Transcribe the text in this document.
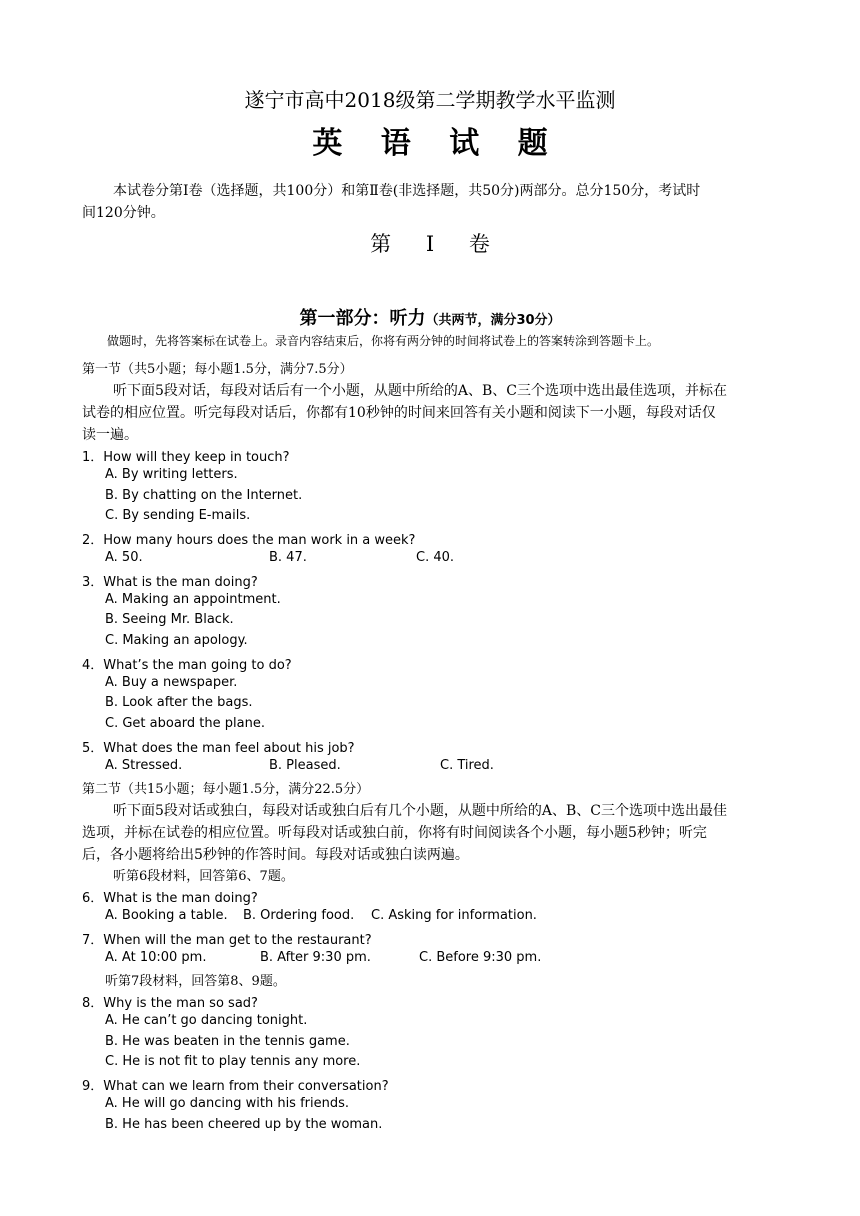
遂宁市高中2018级第二学期教学水平监测
英 语 试 题
本试卷分第Ⅰ卷（选择题，共100分）和第Ⅱ卷(非选择题，共50分)两部分。总分150分，考试时
间120分钟。
第 Ⅰ 卷
第一部分：听力（共两节，满分30分）
做题时，先将答案标在试卷上。录音内容结束后，你将有两分钟的时间将试卷上的答案转涂到答题卡上。
第一节（共5小题；每小题1.5分，满分7.5分）
听下面5段对话，每段对话后有一个小题，从题中所给的A、B、C三个选项中选出最佳选项，并标在
试卷的相应位置。听完每段对话后，你都有10秒钟的时间来回答有关小题和阅读下一小题，每段对话仅
读一遍。
1．How will they keep in touch?
A. By writing letters.
B. By chatting on the Internet.
C. By sending E-mails.
2．How many hours does the man work in a week?
A. 50.	B. 47.	C. 40.
3．What is the man doing?
A. Making an appointment.
B. Seeing Mr. Black.
C. Making an apology.
4．What’s the man going to do?
A. Buy a newspaper.
B. Look after the bags.
C. Get aboard the plane.
5．What does the man feel about his job?
A. Stressed.	B. Pleased.	C. Tired.
第二节（共15小题；每小题1.5分，满分22.5分）
听下面5段对话或独白，每段对话或独白后有几个小题，从题中所给的A、B、C三个选项中选出最佳
选项，并标在试卷的相应位置。听每段对话或独白前，你将有时间阅读各个小题，每小题5秒钟；听完
后，各小题将给出5秒钟的作答时间。每段对话或独白读两遍。
听第6段材料，回答第6、7题。
6．What is the man doing?
A. Booking a table. B. Ordering food. C. Asking for information.
7．When will the man get to the restaurant?
A. At 10:00 pm.	B. After 9:30 pm.	C. Before 9:30 pm.
听第7段材料，回答第8、9题。
8．Why is the man so sad?
A. He can’t go dancing tonight.
B. He was beaten in the tennis game.
C. He is not fit to play tennis any more.
9．What can we learn from their conversation?
A. He will go dancing with his friends.
B. He has been cheered up by the woman.
